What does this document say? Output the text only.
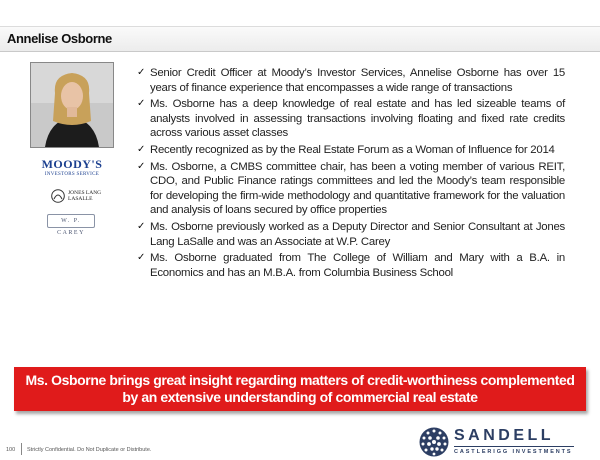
Annelise Osborne
MOODY'S
INVESTORS SERVICE
JONES LANG
LASALLE
W. P. CAREY
✓ Senior Credit Officer at Moody’s Investor Services, Annelise Osborne has over 15 years of finance experience that encompasses a wide range of transactions
✓ Ms. Osborne has a deep knowledge of real estate and has led sizeable teams of analysts involved in assessing transactions involving floating and fixed rate credits across various asset classes
✓ Recently recognized as by the Real Estate Forum as a Woman of Influence for 2014
✓ Ms. Osborne, a CMBS committee chair, has been a voting member of various REIT, CDO, and Public Finance ratings committees and led the Moody’s team responsible for developing the firm-wide methodology and quantitative framework for the valuation and analysis of loans secured by office properties
✓ Ms. Osborne previously worked as a Deputy Director and Senior Consultant at Jones Lang LaSalle and was an Associate at W.P. Carey
✓ Ms. Osborne graduated from The College of William and Mary with a B.A. in Economics and has an M.B.A. from Columbia Business School
Ms. Osborne brings great insight regarding matters of credit-worthiness complemented
by an extensive understanding of commercial real estate
100 Strictly Confidential. Do Not Duplicate or Distribute.
SANDELL
CASTLERIGG INVESTMENTS
